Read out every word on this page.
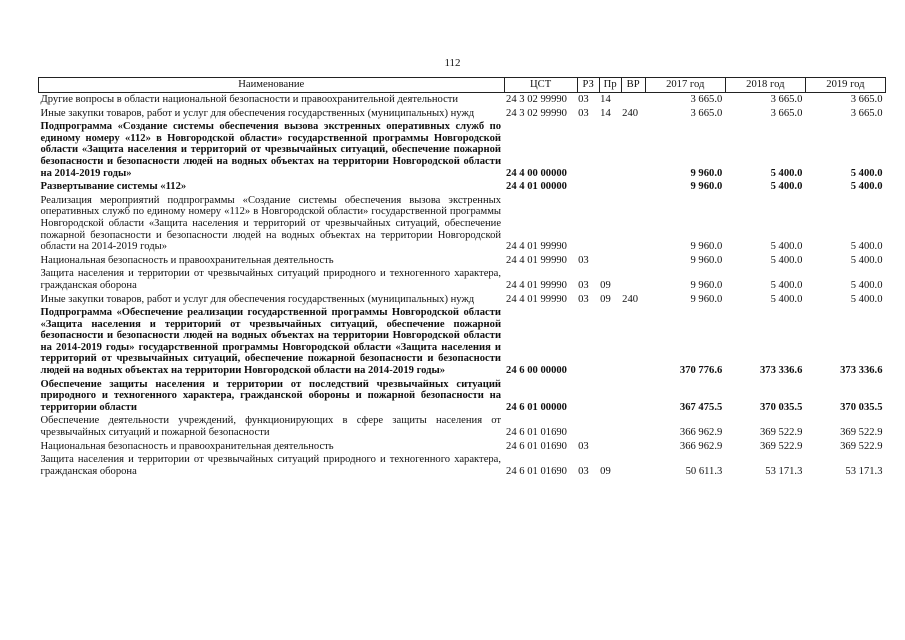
112
Наименование	ЦСТ	РЗ	Пр	ВР	2017 год	2018 год	2019 год
Другие вопросы в области национальной безопасности и правоохранительной деятельности	24 3 02 99990	03	14		3 665.0	3 665.0	3 665.0
Иные закупки товаров, работ и услуг для обеспечения государственных (муниципальных) нужд	24 3 02 99990	03	14	240	3 665.0	3 665.0	3 665.0
Подпрограмма «Создание системы обеспечения вызова экстренных оперативных служб по единому номеру «112» в Новгородской области» государственной программы Новгородской области «Защита населения и территорий от чрезвычайных ситуаций, обеспечение пожарной безопасности и безопасности людей на водных объектах на территории Новгородской области на 2014-2019 годы»	24 4 00 00000				9 960.0	5 400.0	5 400.0
Развертывание системы «112»	24 4 01 00000				9 960.0	5 400.0	5 400.0
Реализация мероприятий подпрограммы «Создание системы обеспечения вызова экстренных оперативных служб по единому номеру «112» в Новгородской области» государственной программы Новгородской области «Защита населения и территорий от чрезвычайных ситуаций, обеспечение пожарной безопасности и безопасности людей на водных объектах на территории Новгородской области на 2014-2019 годы»	24 4 01 99990				9 960.0	5 400.0	5 400.0
Национальная безопасность и правоохранительная деятельность	24 4 01 99990	03			9 960.0	5 400.0	5 400.0
Защита населения и территории от чрезвычайных ситуаций природного и техногенного характера, гражданская оборона	24 4 01 99990	03	09		9 960.0	5 400.0	5 400.0
Иные закупки товаров, работ и услуг для обеспечения государственных (муниципальных) нужд	24 4 01 99990	03	09	240	9 960.0	5 400.0	5 400.0
Подпрограмма «Обеспечение реализации государственной программы Новгородской области «Защита населения и территорий от чрезвычайных ситуаций, обеспечение пожарной безопасности и безопасности людей на водных объектах на территории Новгородской области на 2014-2019 годы» государственной программы Новгородской области «Защита населения и территорий от чрезвычайных ситуаций, обеспечение пожарной безопасности и безопасности людей на водных объектах на территории Новгородской области на 2014-2019 годы»	24 6 00 00000				370 776.6	373 336.6	373 336.6
Обеспечение защиты населения и территории от последствий чрезвычайных ситуаций природного и техногенного характера, гражданской обороны и пожарной безопасности на территории области	24 6 01 00000				367 475.5	370 035.5	370 035.5
Обеспечение деятельности учреждений, функционирующих в сфере защиты населения от чрезвычайных ситуаций и пожарной безопасности	24 6 01 01690				366 962.9	369 522.9	369 522.9
Национальная безопасность и правоохранительная деятельность	24 6 01 01690	03			366 962.9	369 522.9	369 522.9
Защита населения и территории от чрезвычайных ситуаций природного и техногенного характера, гражданская оборона	24 6 01 01690	03	09		50 611.3	53 171.3	53 171.3
